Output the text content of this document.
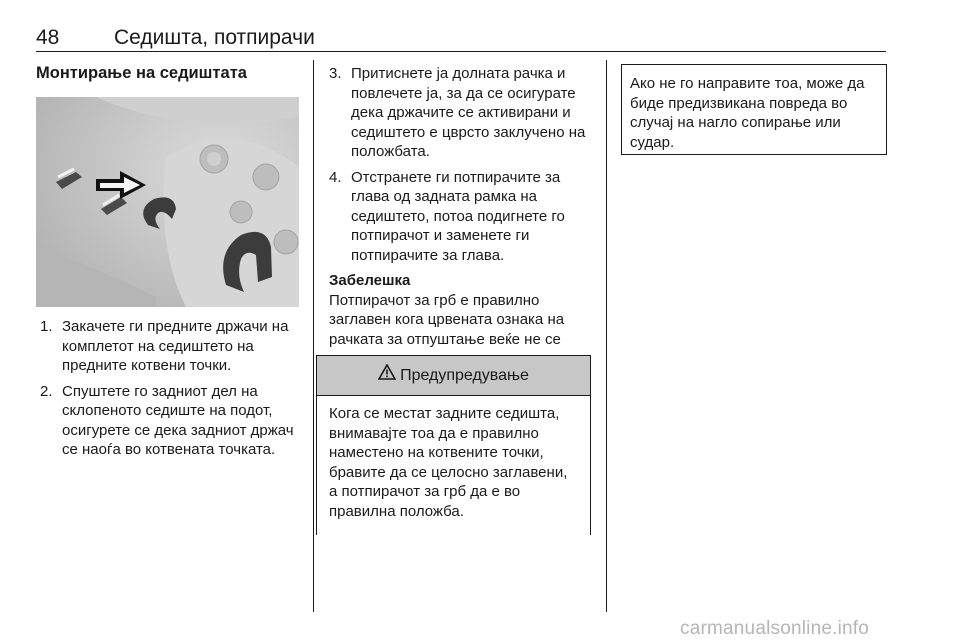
48	Седишта, потпирачи
Монтирање на седиштата
1. Закачете ги предните држачи на комплетот на седиштето на предните котвени точки.
2. Спуштете го задниот дел на склопеното седиште на подот, осигурете се дека задниот држач се наоѓа во котвената точката.
3. Притиснете ја долната рачка и повлечете ја, за да се осигурате дека држачите се активирани и седиштето е цврсто заклучено на положбата.
4. Отстранете ги потпирачите за глава од задната рамка на седиштето, потоа подигнете го потпирачот и заменете ги потпирачите за глава.
Забелешка
Потпирачот за грб е правилно заглавен кога црвената ознака на рачката за отпуштање веќе не се
Предупредување
Кога се местат задните седишта, внимавајте тоа да е правилно наместено на котвените точки, бравите да се целосно заглавени, а потпирачот за грб да е во правилна положба.
Ако не го направите тоа, може да биде предизвикана повреда во случај на нагло сопирање или судар.
carmanualsonline.info
